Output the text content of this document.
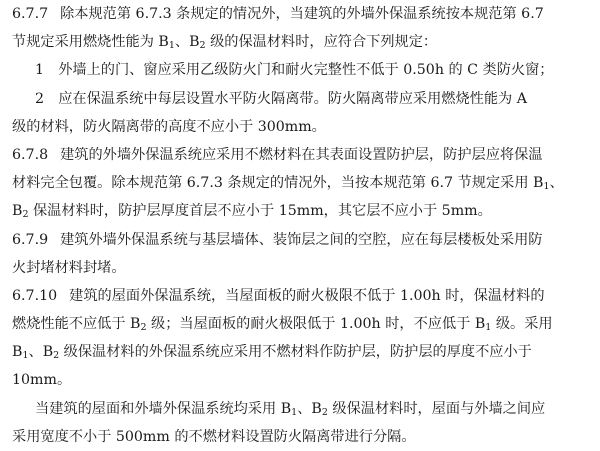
6.7.7 除本规范第 6.7.3 条规定的情况外，当建筑的外墙外保温系统按本规范第 6.7
节规定采用燃烧性能为 $B_1$、$B_2$ 级的保温材料时，应符合下列规定：
1　外墙上的门、窗应采用乙级防火门和耐火完整性不低于 0.50h 的 C 类防火窗；
2　应在保温系统中每层设置水平防火隔离带。防火隔离带应采用燃烧性能为 A
级的材料，防火隔离带的高度不应小于 300mm。
6.7.8 建筑的外墙外保温系统应采用不燃材料在其表面设置防护层，防护层应将保温
材料完全包覆。除本规范第 6.7.3 条规定的情况外，当按本规范第 6.7 节规定采用 $B_1$、
$B_2$ 保温材料时，防护层厚度首层不应小于 15mm，其它层不应小于 5mm。
6.7.9 建筑外墙外保温系统与基层墙体、装饰层之间的空腔，应在每层楼板处采用防
火封堵材料封堵。
6.7.10 建筑的屋面外保温系统，当屋面板的耐火极限不低于 1.00h 时，保温材料的
燃烧性能不应低于 $B_2$ 级；当屋面板的耐火极限低于 1.00h 时，不应低于 $B_1$ 级。采用
$B_1$、$B_2$ 级保温材料的外保温系统应采用不燃材料作防护层，防护层的厚度不应小于
10mm。
当建筑的屋面和外墙外保温系统均采用 $B_1$、$B_2$ 级保温材料时，屋面与外墙之间应
采用宽度不小于 500mm 的不燃材料设置防火隔离带进行分隔。
